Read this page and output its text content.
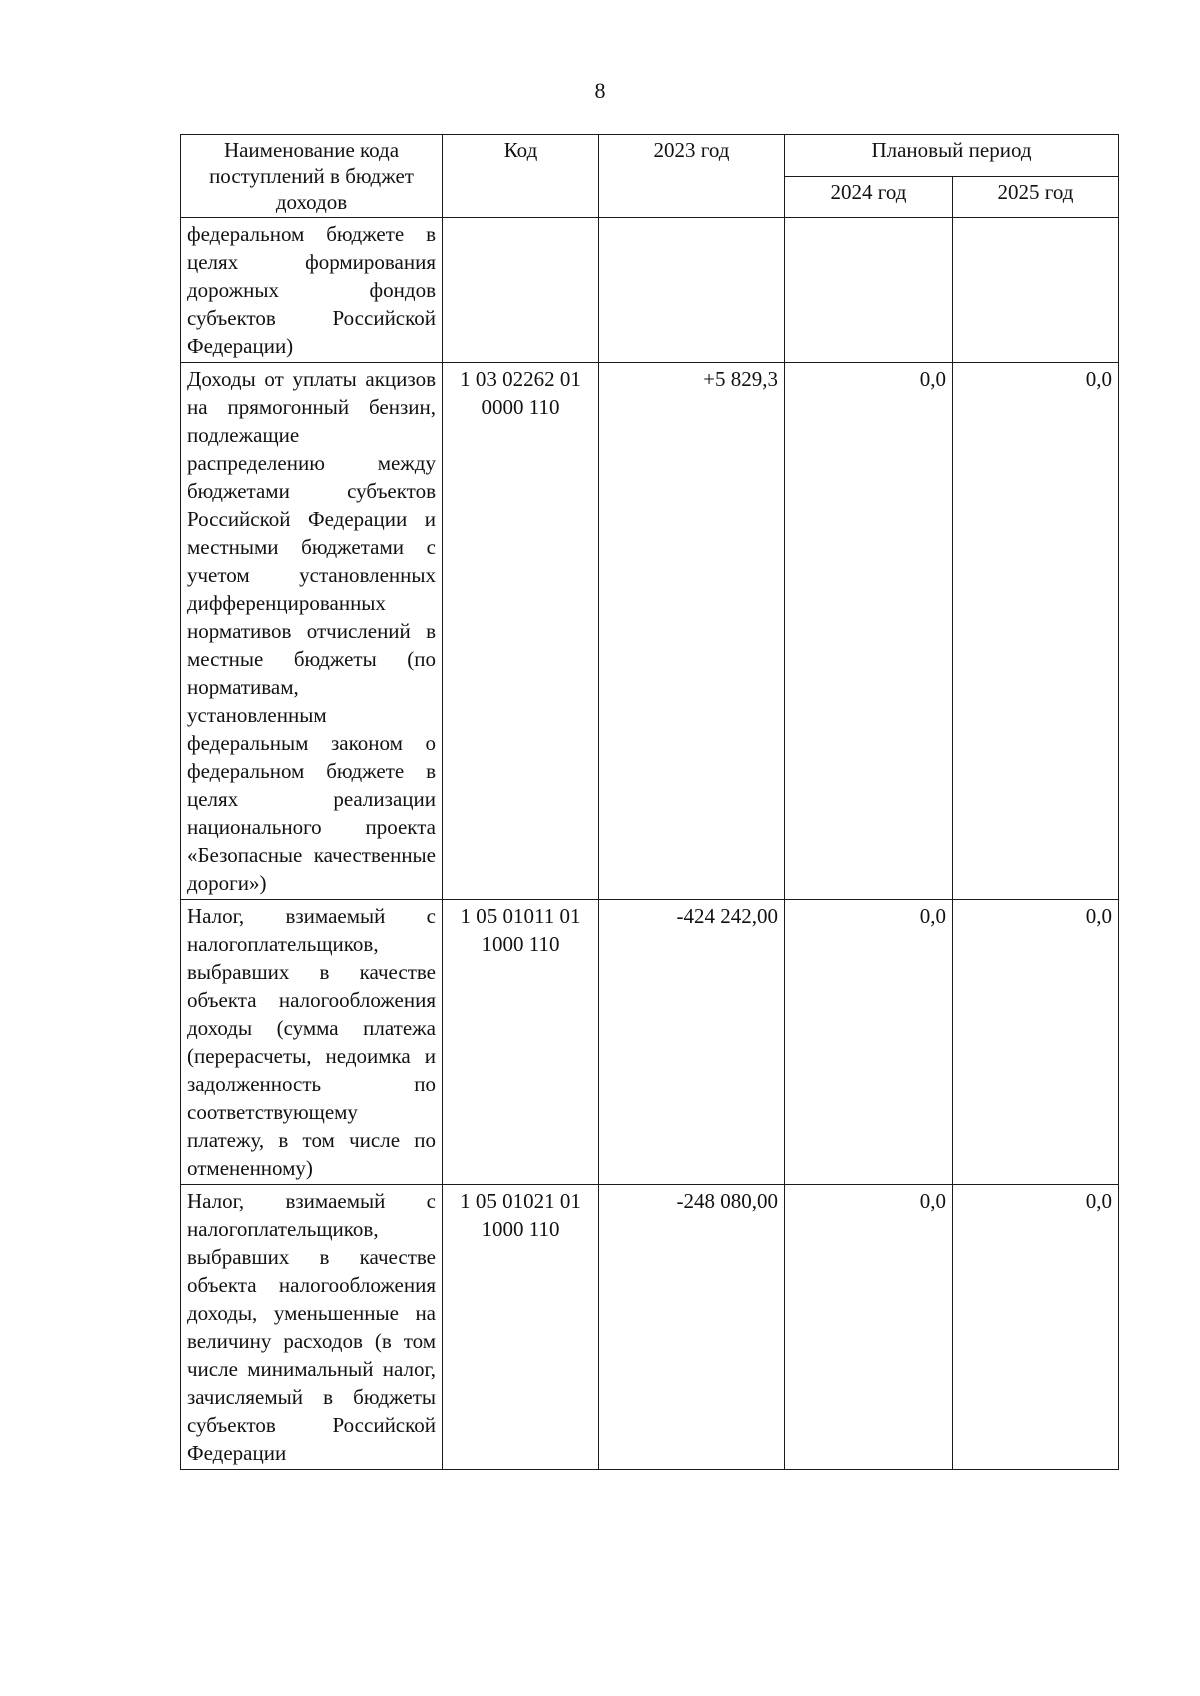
8
Наименование кода поступлений в бюджет доходов	Код	2023 год	Плановый период	
			2024 год	2025 год
федеральном бюджете в целях формирования дорожных фондов субъектов Российской Федерации)				
Доходы от уплаты акцизов на прямогонный бензин, подлежащие распределению между бюджетами субъектов Российской Федерации и местными бюджетами с учетом установленных дифференцированных нормативов отчислений в местные бюджеты (по нормативам, установленным федеральным законом о федеральном бюджете в целях реализации национального проекта «Безопасные качественные дороги»)	1 03 02262 01 0000 110	+5 829,3	0,0	0,0
Налог, взимаемый с налогоплательщиков, выбравших в качестве объекта налогообложения доходы (сумма платежа (перерасчеты, недоимка и задолженность по соответствующему платежу, в том числе по отмененному)	1 05 01011 01 1000 110	-424 242,00	0,0	0,0
Налог, взимаемый с налогоплательщиков, выбравших в качестве объекта налогообложения доходы, уменьшенные на величину расходов (в том числе минимальный налог, зачисляемый в бюджеты субъектов Российской Федерации	1 05 01021 01 1000 110	-248 080,00	0,0	0,0
